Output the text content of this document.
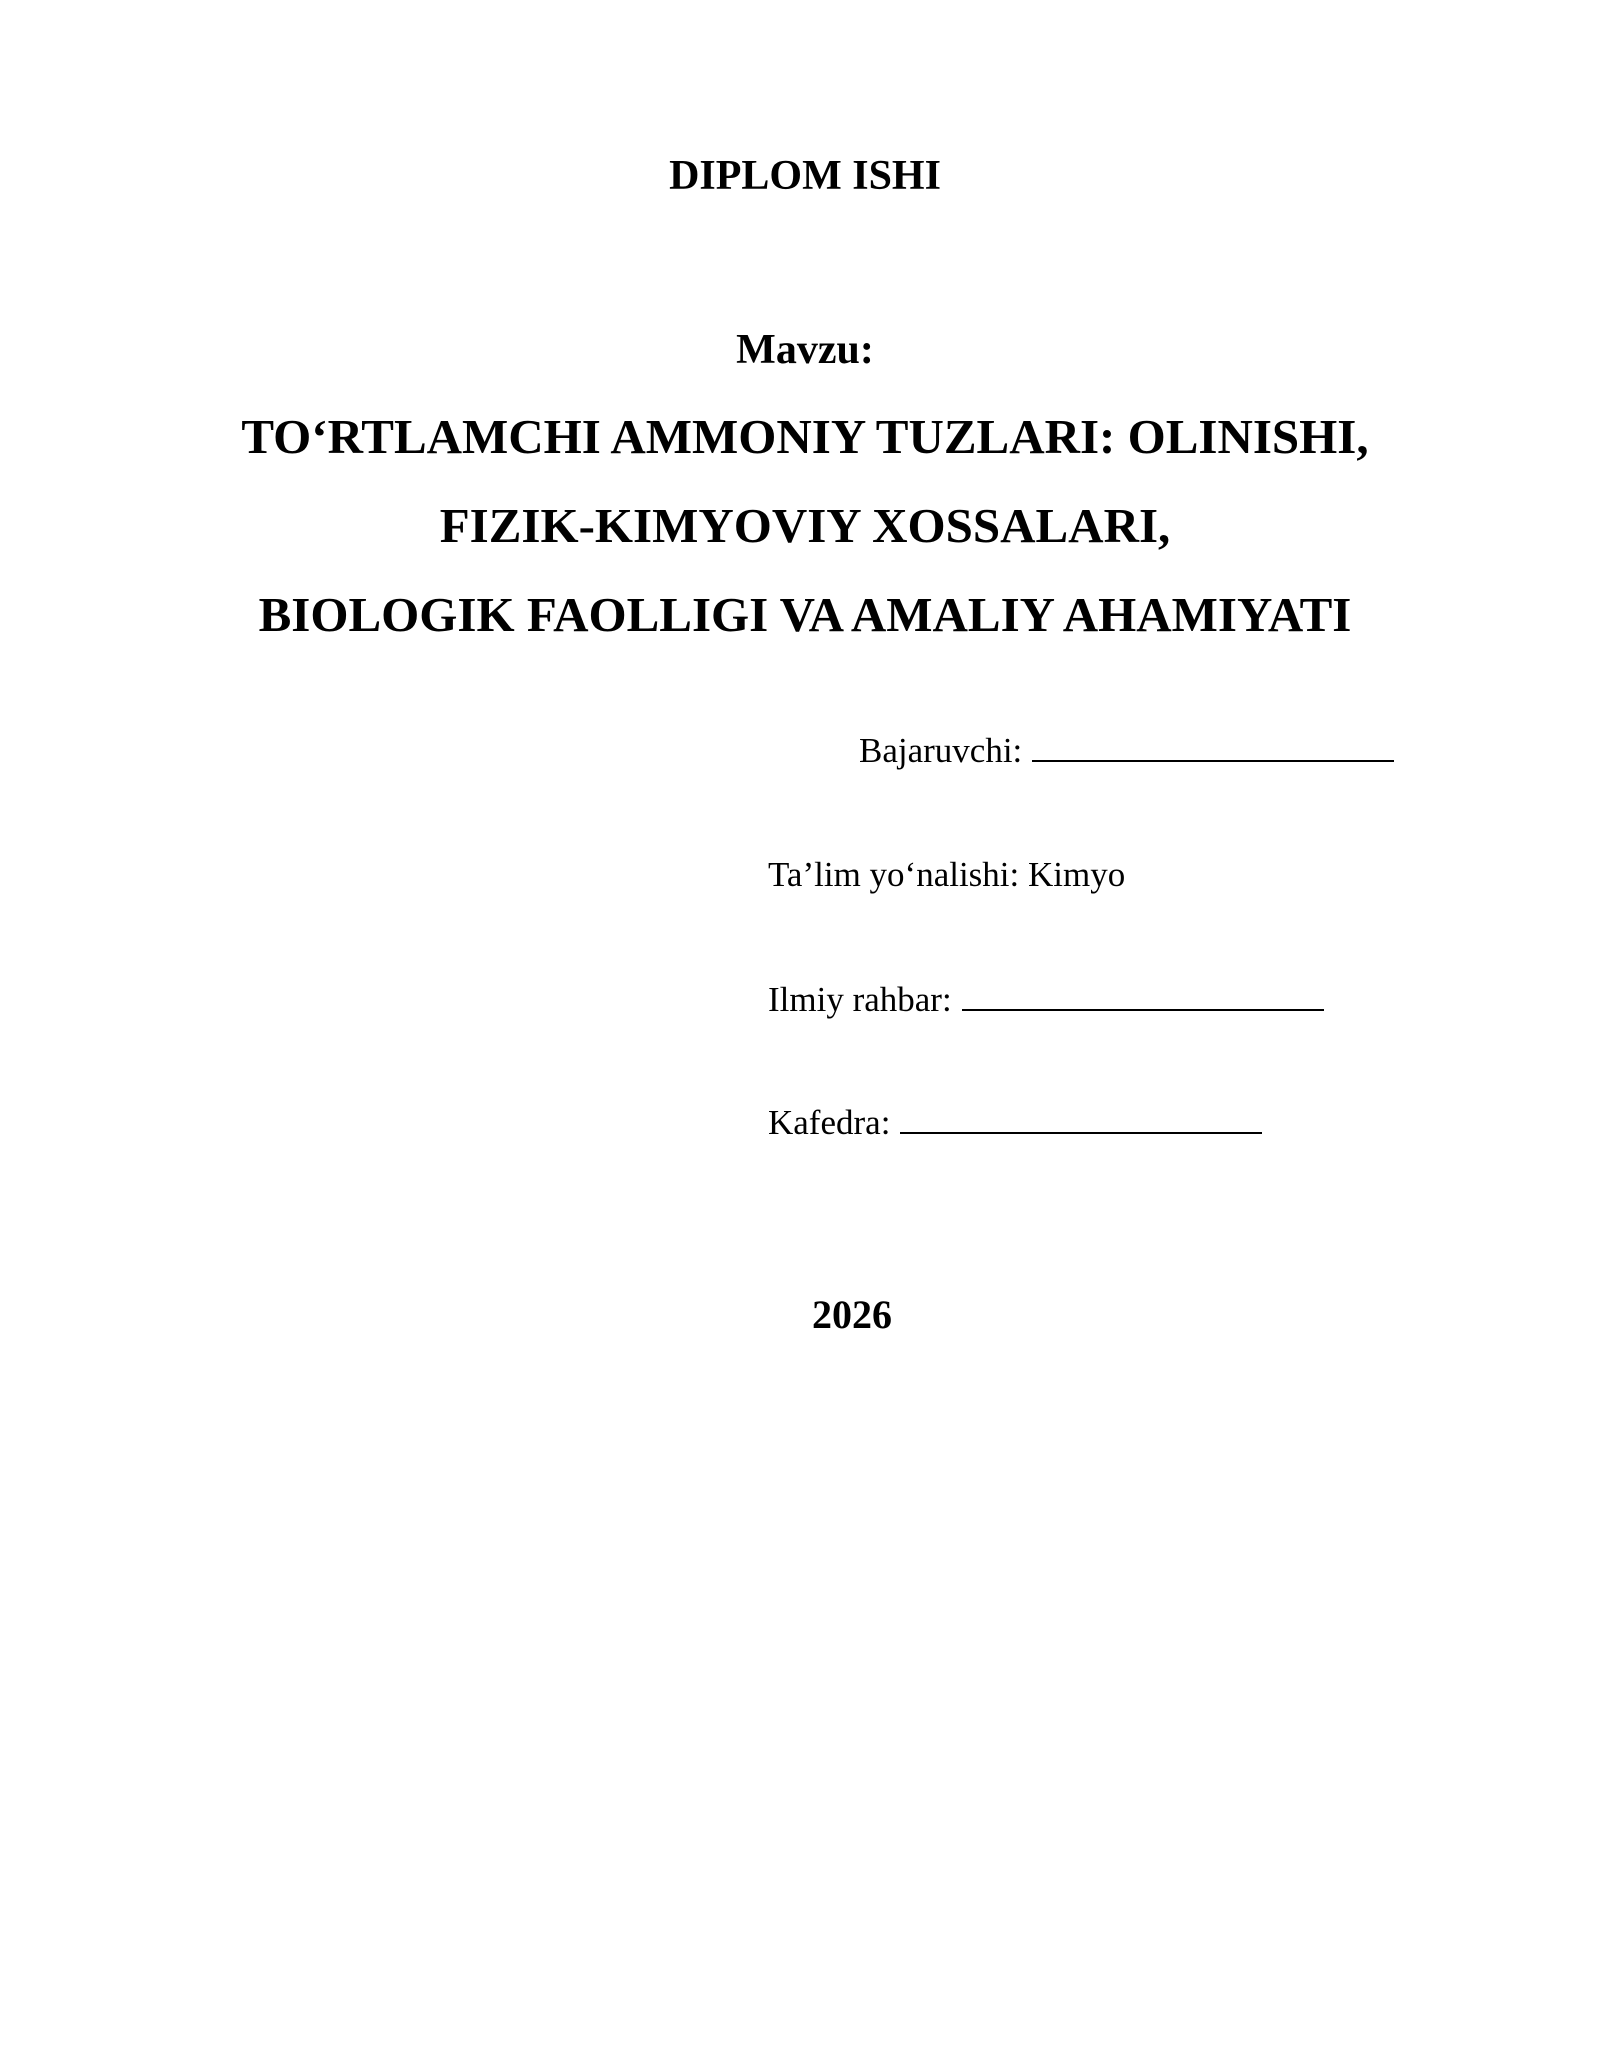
DIPLOM ISHI
Mavzu:
TO‘RTLAMCHI AMMONIY TUZLARI: OLINISHI,
FIZIK-KIMYOVIY XOSSALARI,
BIOLOGIK FAOLLIGI VA AMALIY AHAMIYATI
Bajaruvchi:
Ta’lim yo‘nalishi: Kimyo
Ilmiy rahbar:
Kafedra:
2026
